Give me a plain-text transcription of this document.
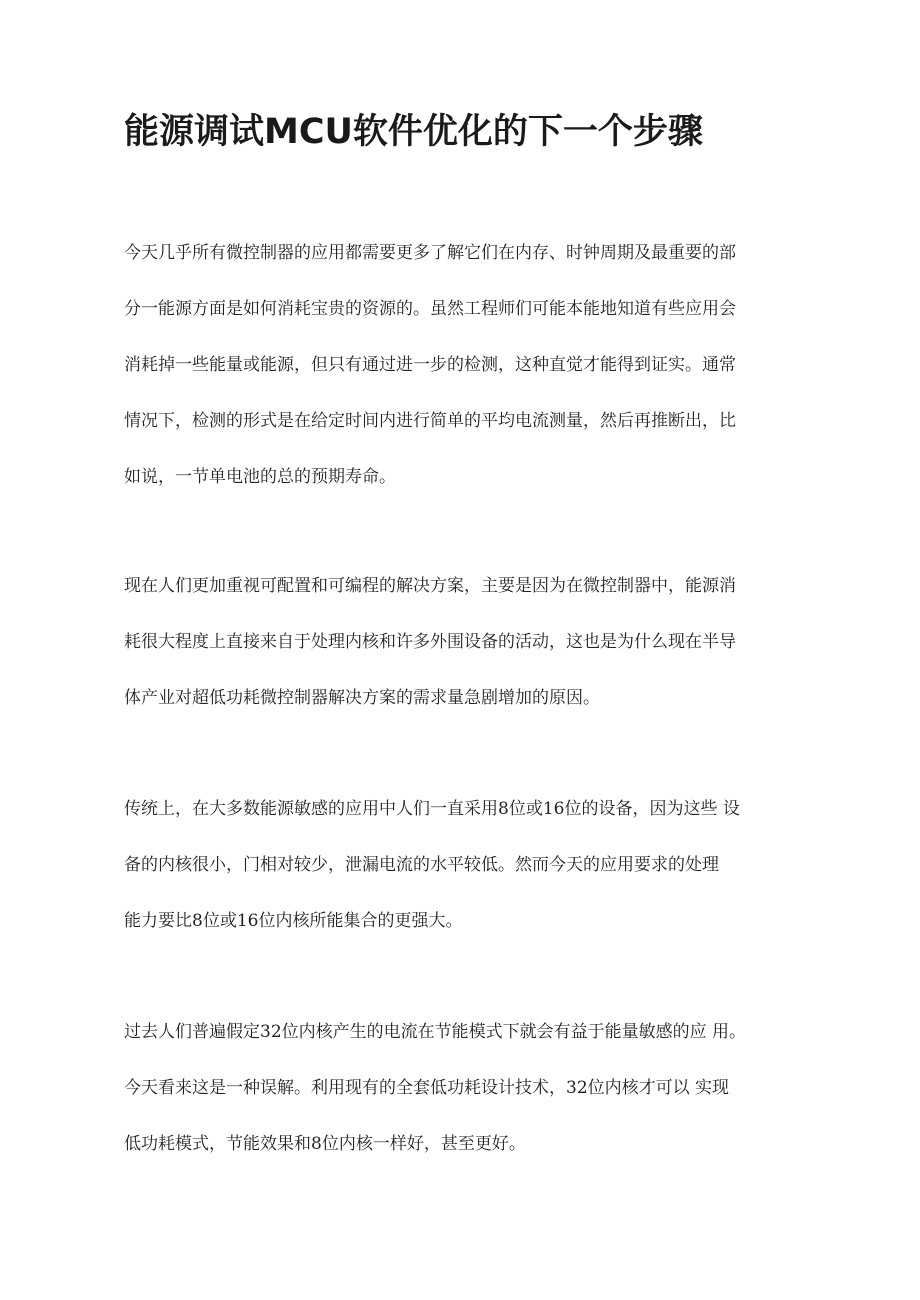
能源调试MCU软件优化的下一个步骤
今天几乎所有微控制器的应用都需要更多了解它们在内存、时钟周期及最重要的部
分一能源方面是如何消耗宝贵的资源的。虽然工程师们可能本能地知道有些应用会
消耗掉一些能量或能源，但只有通过进一步的检测，这种直觉才能得到证实。通常
情况下，检测的形式是在给定时间内进行简单的平均电流测量，然后再推断出，比
如说，一节单电池的总的预期寿命。
现在人们更加重视可配置和可编程的解决方案，主要是因为在微控制器中，能源消
耗很大程度上直接来自于处理内核和许多外围设备的活动，这也是为什么现在半导
体产业对超低功耗微控制器解决方案的需求量急剧增加的原因。
传统上，在大多数能源敏感的应用中人们一直采用8位或16位的设备，因为这些 设
备的内核很小，门相对较少，泄漏电流的水平较低。然而今天的应用要求的处理
能力要比8位或16位内核所能集合的更强大。
过去人们普遍假定32位内核产生的电流在节能模式下就会有益于能量敏感的应 用。
今天看来这是一种误解。利用现有的全套低功耗设计技术，32位内核才可以 实现
低功耗模式，节能效果和8位内核一样好，甚至更好。
